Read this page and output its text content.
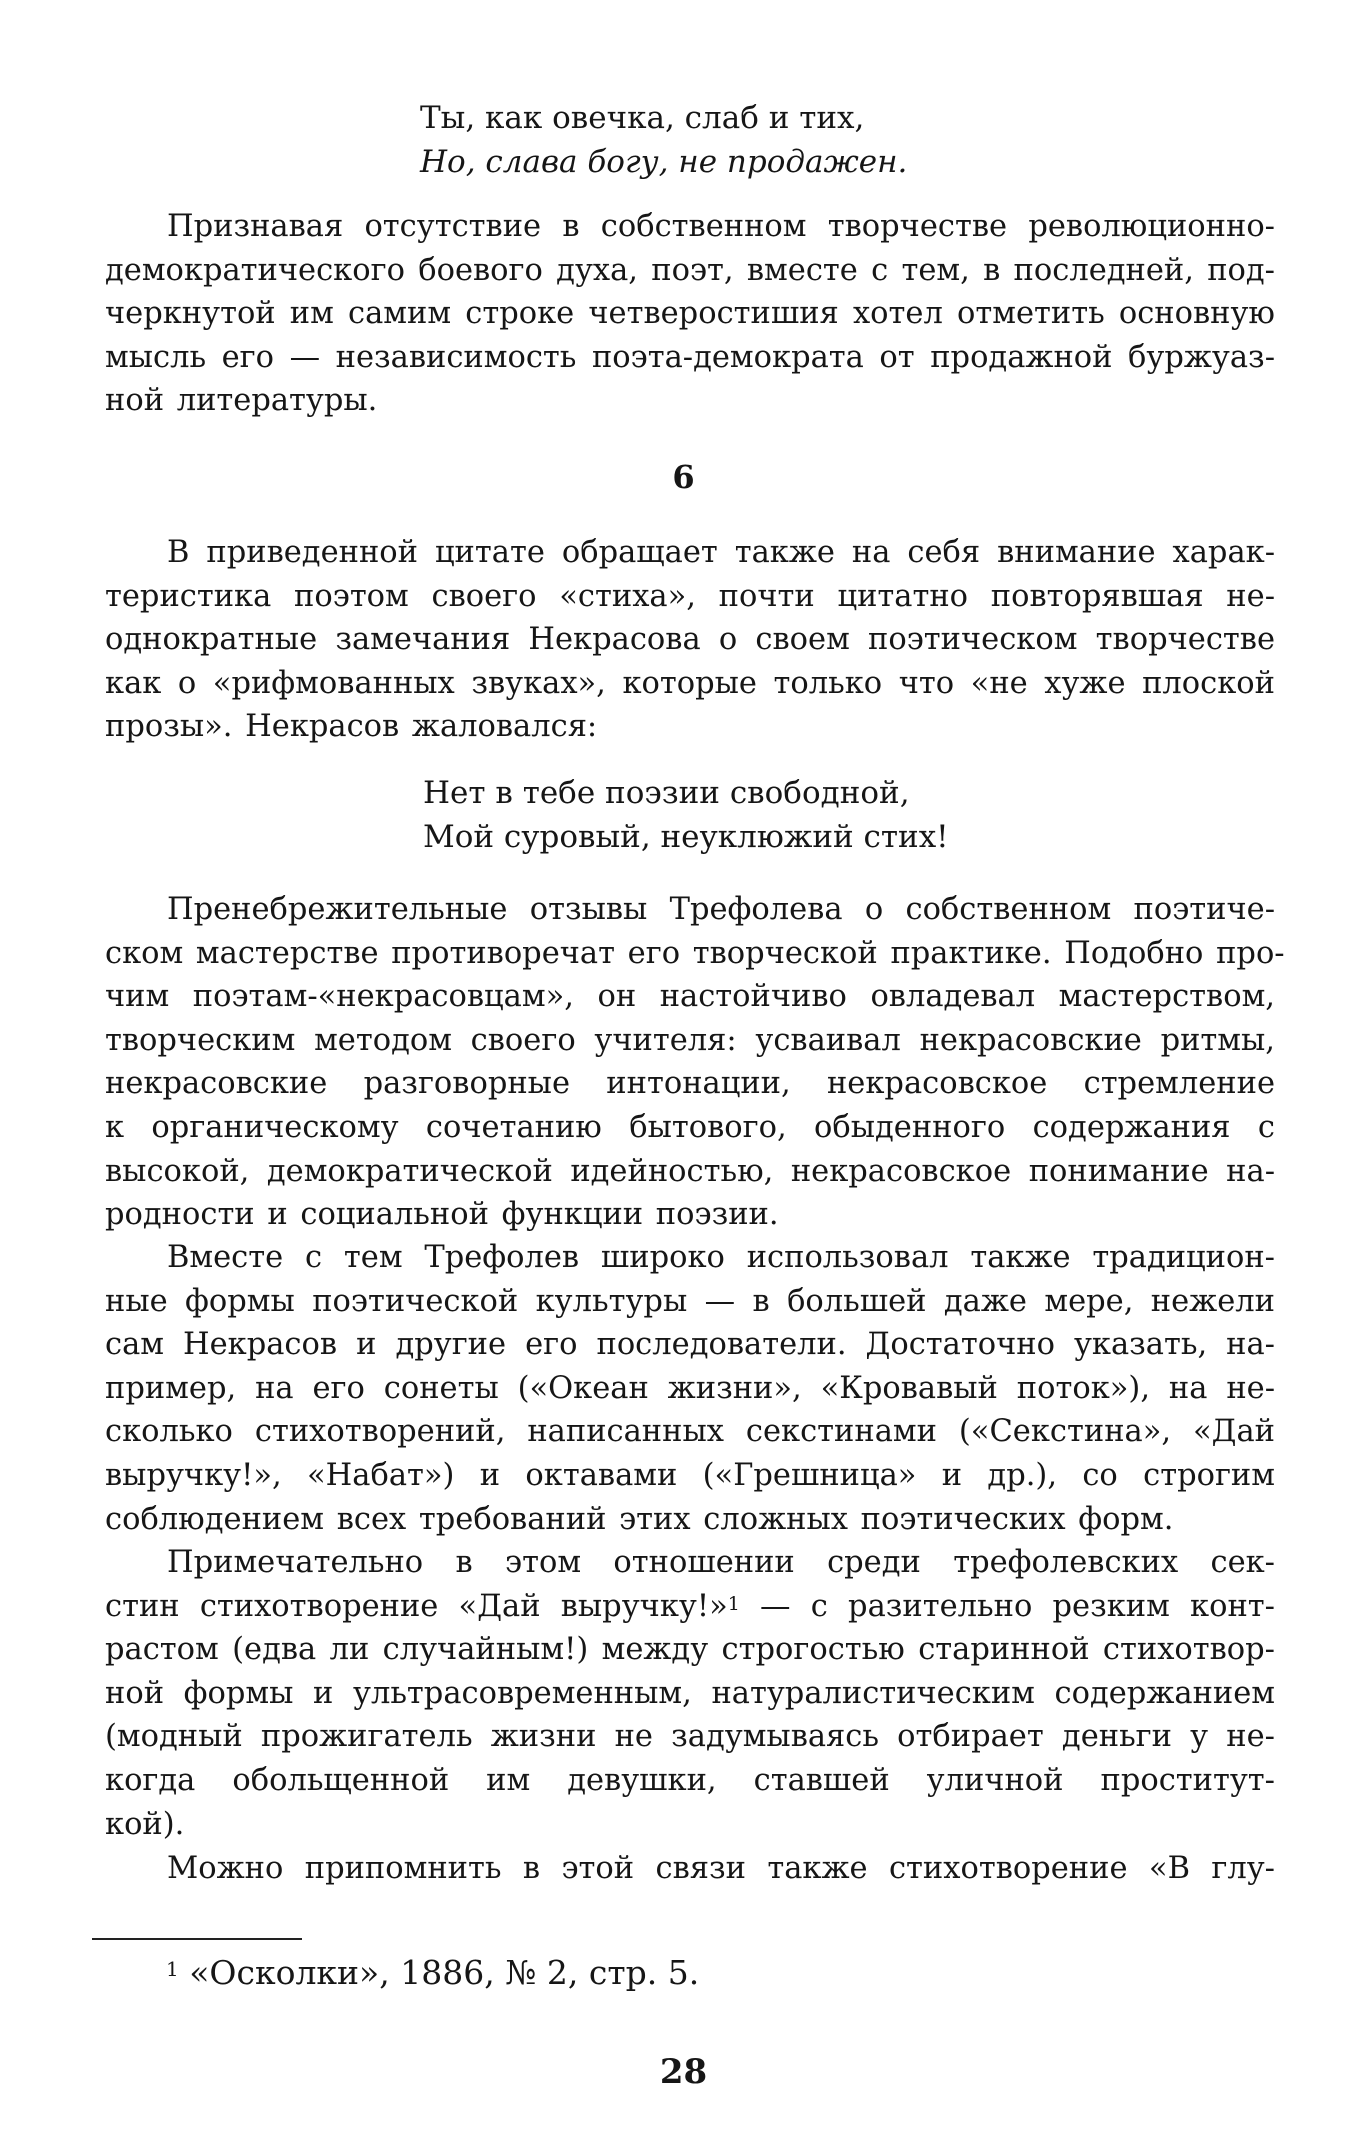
Ты, как овечка, слаб и тих,
Но, слава богу, не продажен.
Признавая отсутствие в собственном творчестве революционно-
демократического боевого духа, поэт, вместе с тем, в последней, под-
черкнутой им самим строке четверостишия хотел отметить основную
мысль его — независимость поэта-демократа от продажной буржуаз-
ной литературы.
6
В приведенной цитате обращает также на себя внимание харак-
теристика поэтом своего «стиха», почти цитатно повторявшая не-
однократные замечания Некрасова о своем поэтическом творчестве
как о «рифмованных звуках», которые только что «не хуже плоской
прозы». Некрасов жаловался:
Нет в тебе поэзии свободной,
Мой суровый, неуклюжий стих!
Пренебрежительные отзывы Трефолева о собственном поэтиче-
ском мастерстве противоречат его творческой практике. Подобно про-
чим поэтам-«некрасовцам», он настойчиво овладевал мастерством,
творческим методом своего учителя: усваивал некрасовские ритмы,
некрасовские разговорные интонации, некрасовское стремление
к органическому сочетанию бытового, обыденного содержания с
высокой, демократической идейностью, некрасовское понимание на-
родности и социальной функции поэзии.
Вместе с тем Трефолев широко использовал также традицион-
ные формы поэтической культуры — в большей даже мере, нежели
сам Некрасов и другие его последователи. Достаточно указать, на-
пример, на его сонеты («Океан жизни», «Кровавый поток»), на не-
сколько стихотворений, написанных секстинами («Секстина», «Дай
выручку!», «Набат») и октавами («Грешница» и др.), со строгим
соблюдением всех требований этих сложных поэтических форм.
Примечательно в этом отношении среди трефолевских сек-
стин стихотворение «Дай выручку!»$^1$ — с разительно резким конт-
растом (едва ли случайным!) между строгостью старинной стихотвор-
ной формы и ультрасовременным, натуралистическим содержанием
(модный прожигатель жизни не задумываясь отбирает деньги у не-
когда обольщенной им девушки, ставшей уличной проститут-
кой).
Можно припомнить в этой связи также стихотворение «В глу-
$^1$ «Осколки», 1886, № 2, стр. 5.
28
